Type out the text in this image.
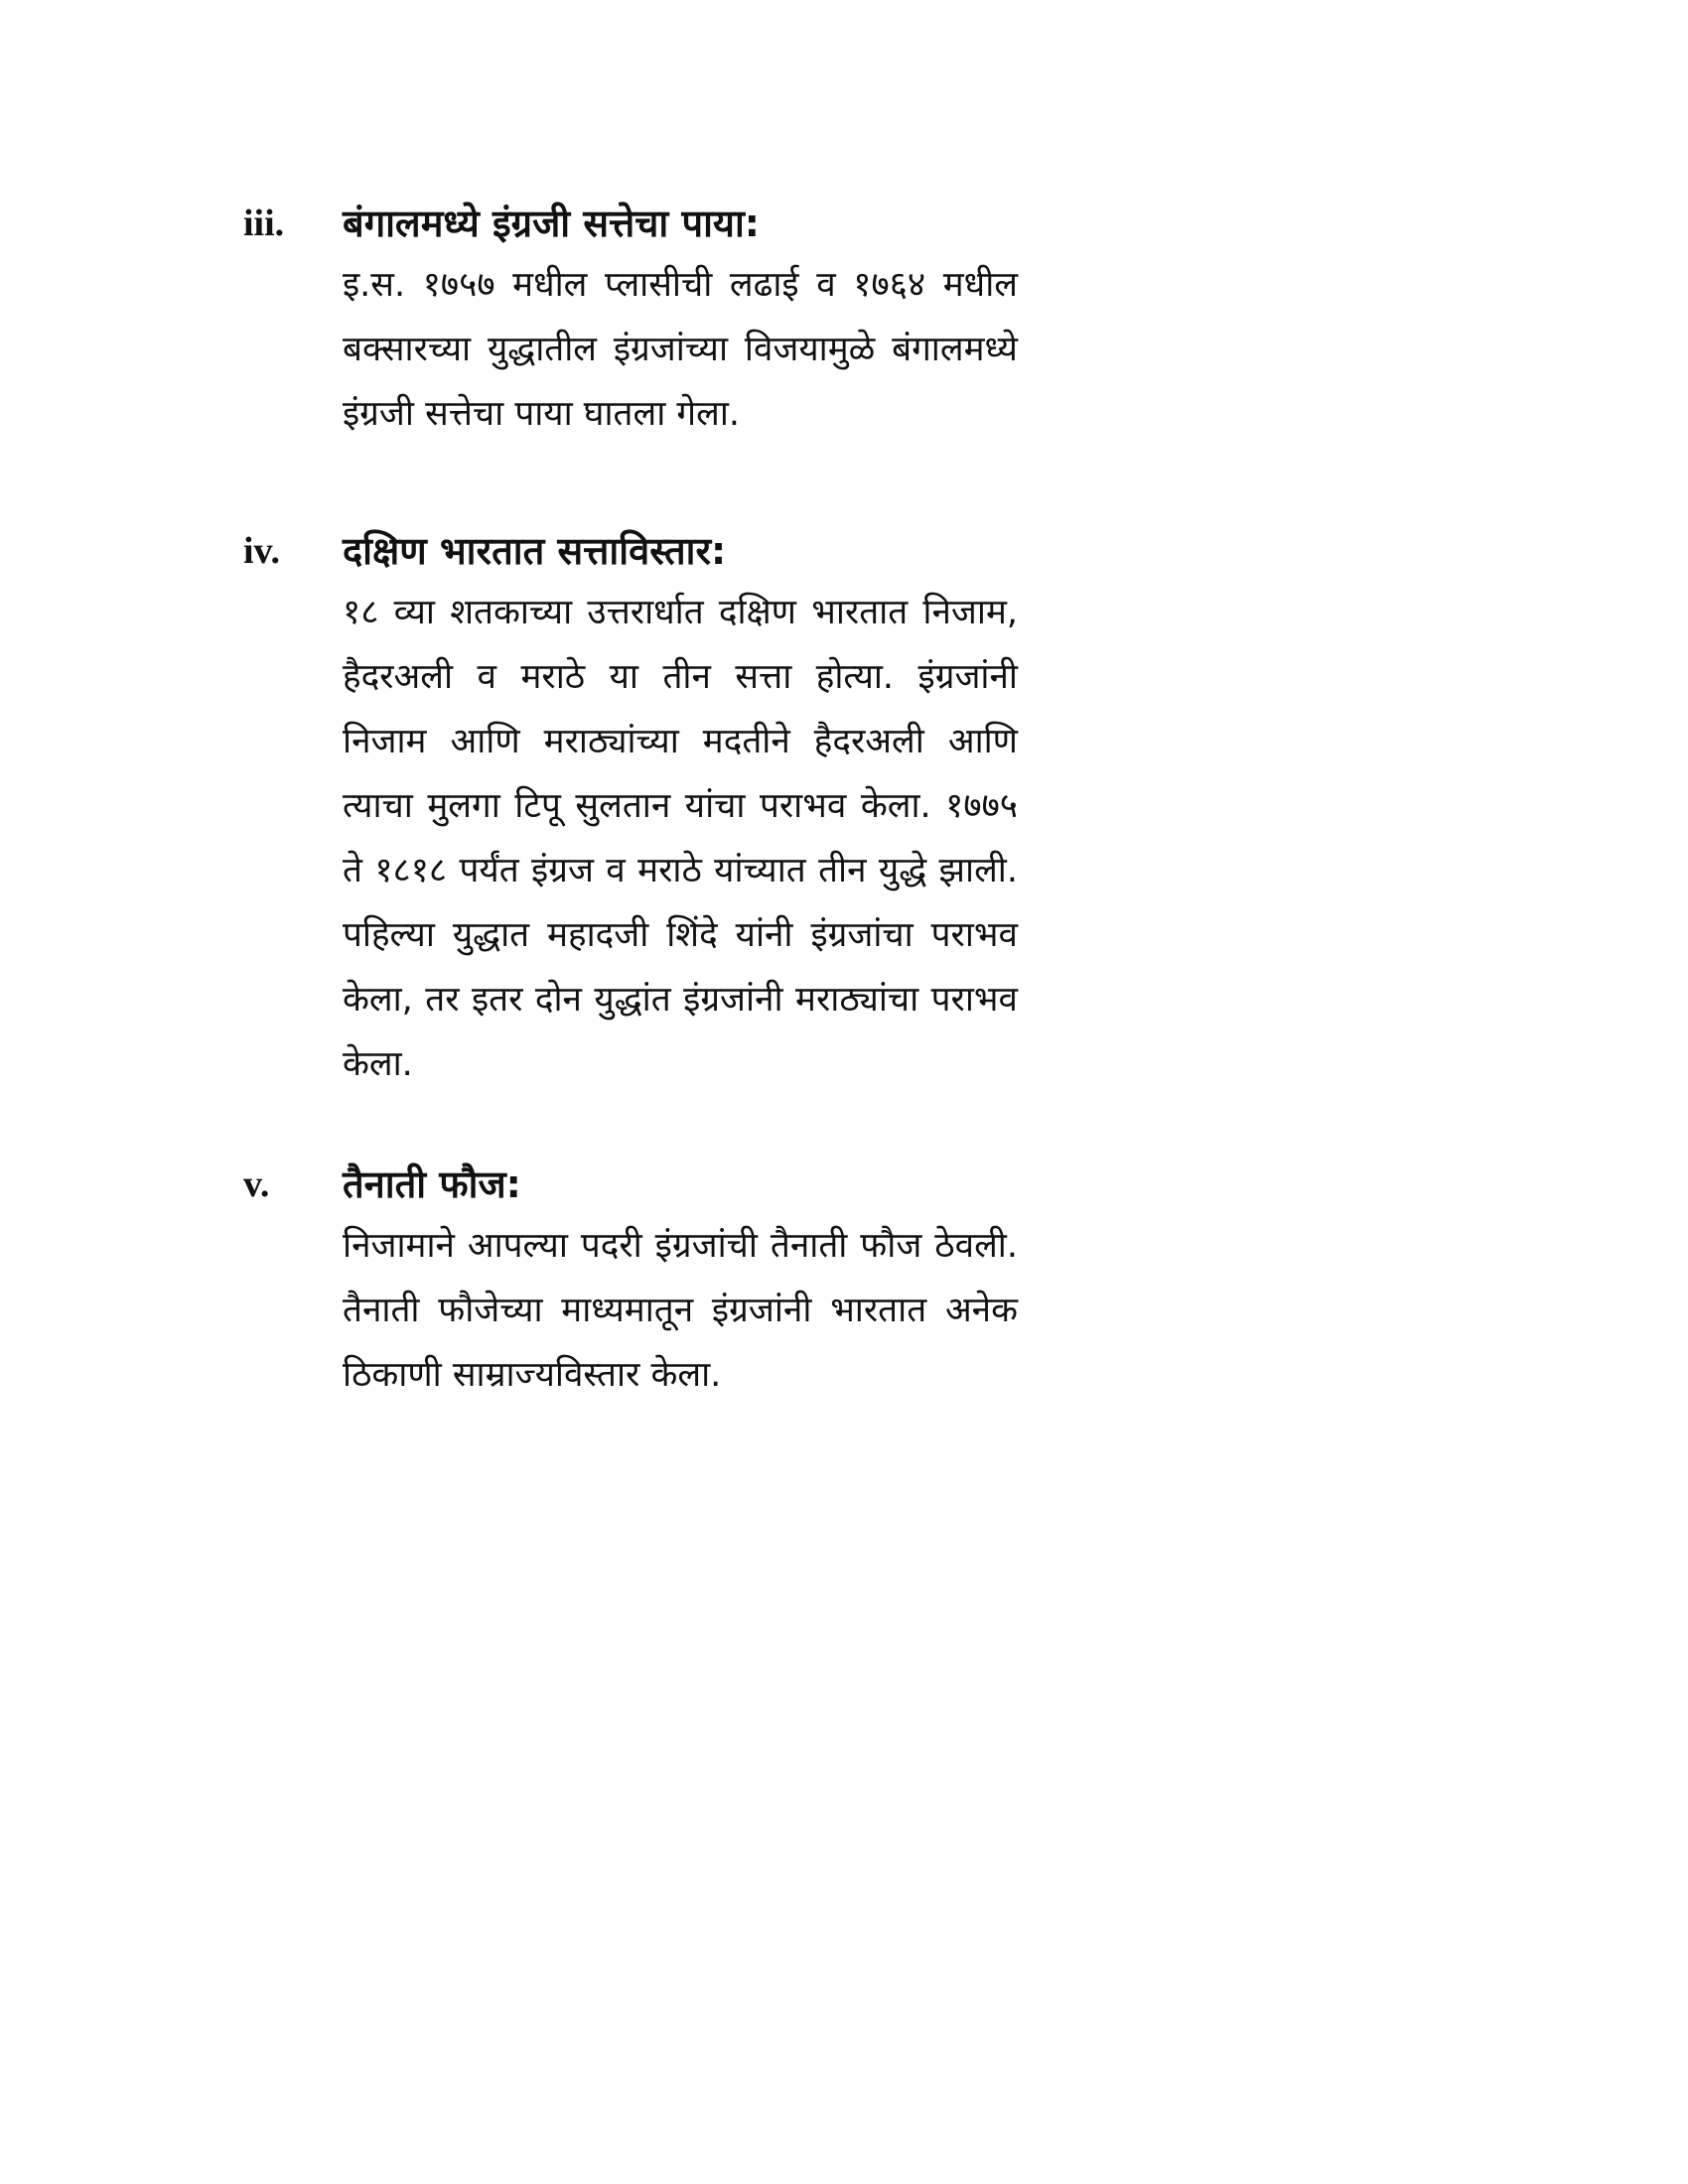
iii. बंगालमध्ये इंग्रजी सत्तेचा पाया:

इ.स. १७५७ मधील प्लासीची लढाई व १७६४ मधील बक्सारच्या युद्धातील इंग्रजांच्या विजयामुळे बंगालमध्ये इंग्रजी सत्तेचा पाया घातला गेला.

iv. दक्षिण भारतात सत्ताविस्तार:

१८ व्या शतकाच्या उत्तरार्धात दक्षिण भारतात निजाम, हैदरअली व मराठे या तीन सत्ता होत्या. इंग्रजांनी निजाम आणि मराठ्यांच्या मदतीने हैदरअली आणि त्याचा मुलगा टिपू सुलतान यांचा पराभव केला. १७७५ ते १८१८ पर्यंत इंग्रज व मराठे यांच्यात तीन युद्धे झाली. पहिल्या युद्धात महादजी शिंदे यांनी इंग्रजांचा पराभव केला, तर इतर दोन युद्धांत इंग्रजांनी मराठ्यांचा पराभव केला.

v. तैनाती फौज:

निजामाने आपल्या पदरी इंग्रजांची तैनाती फौज ठेवली. तैनाती फौजेच्या माध्यमातून इंग्रजांनी भारतात अनेक ठिकाणी साम्राज्यविस्तार केला.
